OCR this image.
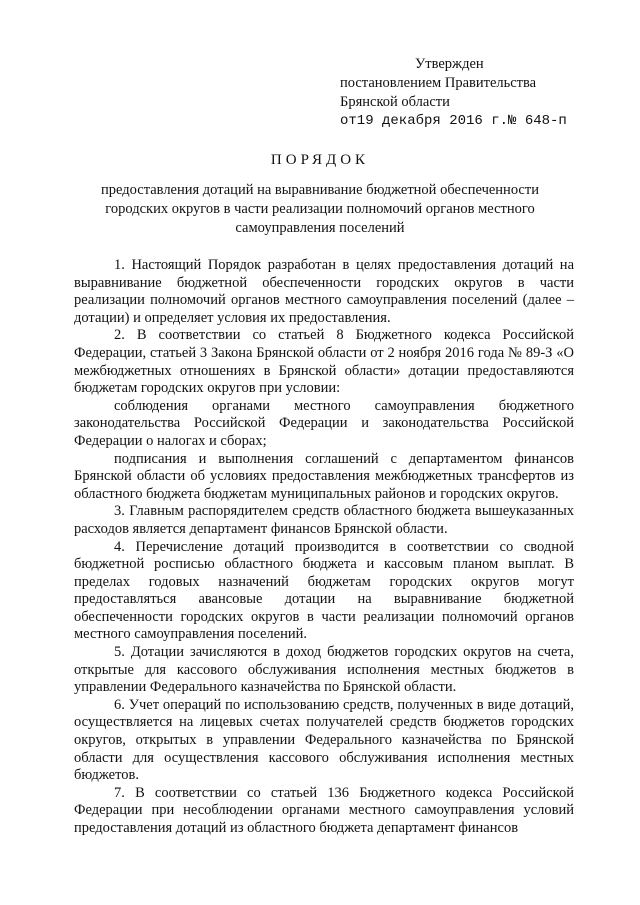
Утвержден
постановлением Правительства
Брянской области
от19 декабря 2016 г.№ 648-п
ПОРЯДОК
предоставления дотаций на выравнивание бюджетной обеспеченности городских округов в части реализации полномочий органов местного самоуправления поселений

1. Настоящий Порядок разработан в целях предоставления дотаций на выравнивание бюджетной обеспеченности городских округов в части реализации полномочий органов местного самоуправления поселений (далее – дотации) и определяет условия их предоставления.

2. В соответствии со статьей 8 Бюджетного кодекса Российской Федерации, статьей 3 Закона Брянской области от 2 ноября 2016 года № 89-З «О межбюджетных отношениях в Брянской области» дотации предоставляются бюджетам городских округов при условии:

соблюдения органами местного самоуправления бюджетного законодательства Российской Федерации и законодательства Российской Федерации о налогах и сборах;

подписания и выполнения соглашений с департаментом финансов Брянской области об условиях предоставления межбюджетных трансфертов из областного бюджета бюджетам муниципальных районов и городских округов.

3. Главным распорядителем средств областного бюджета вышеуказанных расходов является департамент финансов Брянской области.

4. Перечисление дотаций производится в соответствии со сводной бюджетной росписью областного бюджета и кассовым планом выплат. В пределах годовых назначений бюджетам городских округов могут предоставляться авансовые дотации на выравнивание бюджетной обеспеченности городских округов в части реализации полномочий органов местного самоуправления поселений.

5. Дотации зачисляются в доход бюджетов городских округов на счета, открытые для кассового обслуживания исполнения местных бюджетов в управлении Федерального казначейства по Брянской области.

6. Учет операций по использованию средств, полученных в виде дотаций, осуществляется на лицевых счетах получателей средств бюджетов городских округов, открытых в управлении Федерального казначейства по Брянской области для осуществления кассового обслуживания исполнения местных бюджетов.

7. В соответствии со статьей 136 Бюджетного кодекса Российской Федерации при несоблюдении органами местного самоуправления условий предоставления дотаций из областного бюджета департамент финансов
